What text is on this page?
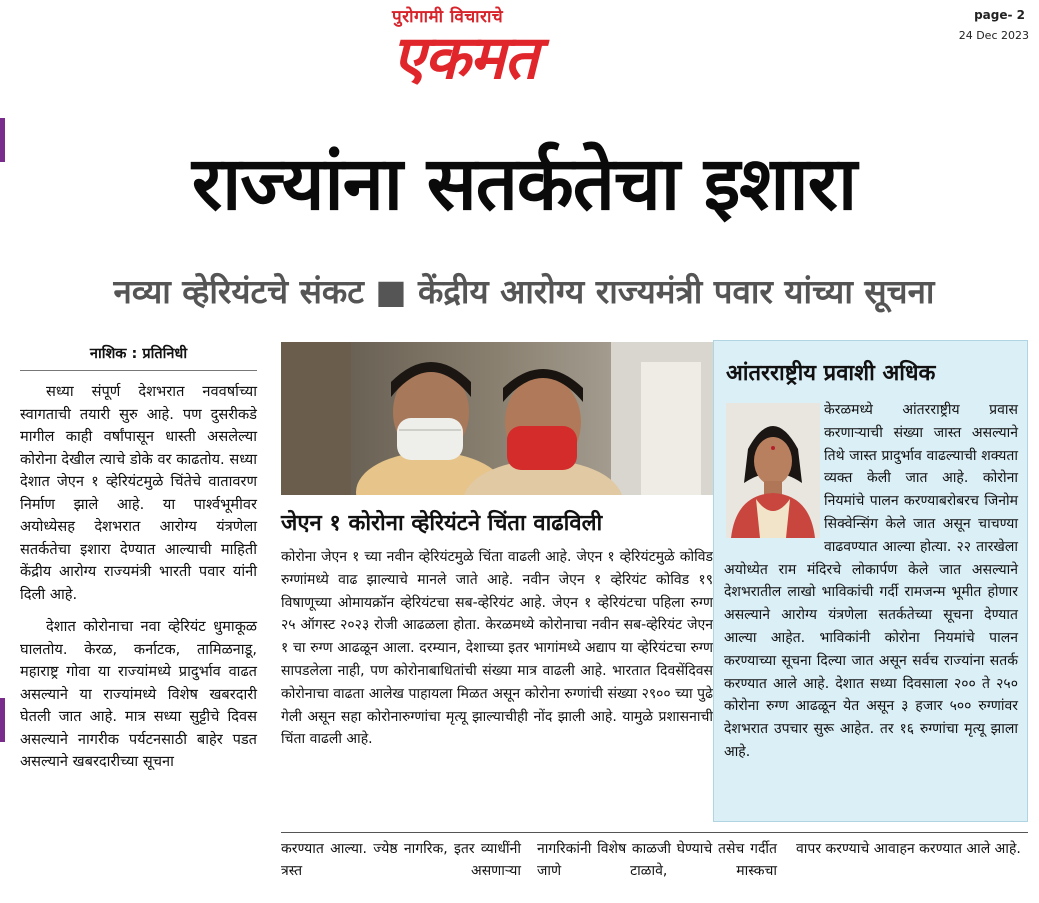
पुरोगामी विचाराचे
एकमत
page- 2
24 Dec 2023
राज्यांना सतर्कतेचा इशारा
नव्या व्हेरियंटचे संकट ■ केंद्रीय आरोग्य राज्यमंत्री पवार यांच्या सूचना
नाशिक : प्रतिनिधी

सध्या संपूर्ण देशभरात नववर्षाच्या स्वागताची तयारी सुरु आहे. पण दुसरीकडे मागील काही वर्षांपासून धास्ती असलेल्या कोरोना देखील त्याचे डोके वर काढतोय. सध्या देशात जेएन १ व्हेरियंटमुळे चिंतेचे वातावरण निर्माण झाले आहे. या पार्श्वभूमीवर अयोध्येसह देशभरात आरोग्य यंत्रणेला सतर्कतेचा इशारा देण्यात आल्याची माहिती केंद्रीय आरोग्य राज्यमंत्री भारती पवार यांनी दिली आहे.

देशात कोरोनाचा नवा व्हेरियंट धुमाकूळ घालतोय. केरळ, कर्नाटक, तामिळनाडू, महाराष्ट्र गोवा या राज्यांमध्ये प्रादुर्भाव वाढत असल्याने या राज्यांमध्ये विशेष खबरदारी घेतली जात आहे. मात्र सध्या सुट्टीचे दिवस असल्याने नागरीक पर्यटनसाठी बाहेर पडत असल्याने खबरदारीच्या सूचना

जेएन १ कोरोना व्हेरियंटने चिंता वाढविली

कोरोना जेएन १ च्या नवीन व्हेरियंटमुळे चिंता वाढली आहे. जेएन १ व्हेरियंटमुळे कोविड रुग्णांमध्ये वाढ झाल्याचे मानले जाते आहे. नवीन जेएन १ व्हेरियंट कोविड १९ विषाणूच्या ओमायक्रॉन व्हेरियंटचा सब-व्हेरियंट आहे. जेएन १ व्हेरियंटचा पहिला रुग्ण २५ ऑगस्ट २०२३ रोजी आढळला होता. केरळमध्ये कोरोनाचा नवीन सब-व्हेरियंट जेएन १ चा रुग्ण आढळून आला. दरम्यान, देशाच्या इतर भागांमध्ये अद्याप या व्हेरियंटचा रुग्ण सापडलेला नाही, पण कोरोनाबाधितांची संख्या मात्र वाढली आहे. भारतात दिवसेंदिवस कोरोनाचा वाढता आलेख पाहायला मिळत असून कोरोना रुग्णांची संख्या २९०० च्या पुढे गेली असून सहा कोरोनारुग्णांचा मृत्यू झाल्याचीही नोंद झाली आहे. यामुळे प्रशासनाची चिंता वाढली आहे.

आंतरराष्ट्रीय प्रवाशी अधिक

केरळमध्ये आंतरराष्ट्रीय प्रवास करणाऱ्याची संख्या जास्त असल्याने तिथे जास्त प्रादुर्भाव वाढल्याची शक्यता व्यक्त केली जात आहे. कोरोना नियमांचे पालन करण्याबरोबरच जिनोम सिक्वेन्सिंग केले जात असून चाचण्या वाढवण्यात आल्या होत्या. २२ तारखेला अयोध्येत राम मंदिरचे लोकार्पण केले जात असल्याने देशभरातील लाखो भाविकांची गर्दी रामजन्म भूमीत होणार असल्याने आरोग्य यंत्रणेला सतर्कतेच्या सूचना देण्यात आल्या आहेत. भाविकांनी कोरोना नियमांचे पालन करण्याच्या सूचना दिल्या जात असून सर्वच राज्यांना सतर्क करण्यात आले आहे. देशात सध्या दिवसाला २०० ते २५० कोरोना रुग्ण आढळून येत असून ३ हजार ५०० रुग्णांवर देशभरात उपचार सुरू आहेत. तर १६ रुग्णांचा मृत्यू झाला आहे.

करण्यात आल्या. ज्येष्ठ नागरिक, इतर व्याधींनी त्रस्त असणाऱ्या

नागरिकांनी विशेष काळजी घेण्याचे तसेच गर्दीत जाणे टाळावे, मास्कचा

वापर करण्याचे आवाहन करण्यात आले आहे.
